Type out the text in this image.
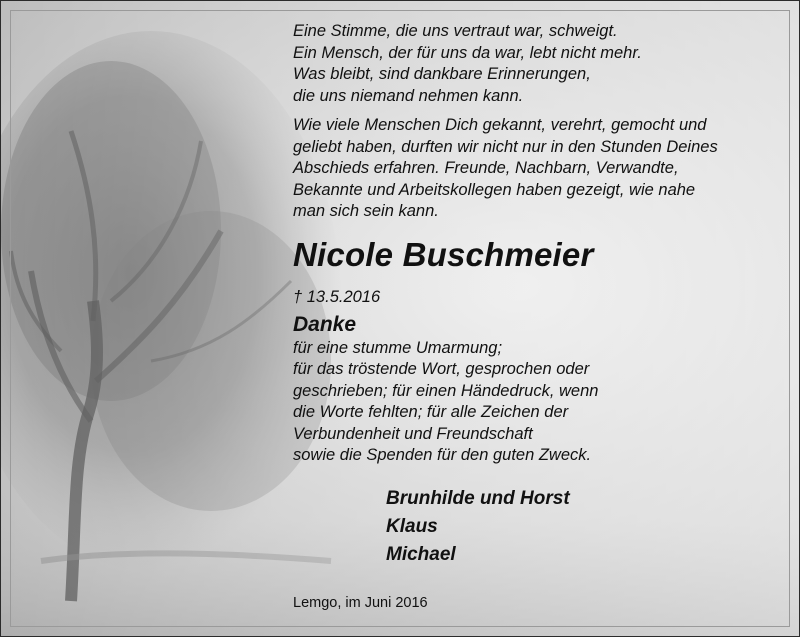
Eine Stimme, die uns vertraut war, schweigt.
Ein Mensch, der für uns da war, lebt nicht mehr.
Was bleibt, sind dankbare Erinnerungen,
die uns niemand nehmen kann.

Wie viele Menschen Dich gekannt, verehrt, gemocht und
geliebt haben, durften wir nicht nur in den Stunden Deines
Abschieds erfahren. Freunde, Nachbarn, Verwandte,
Bekannte und Arbeitskollegen haben gezeigt, wie nahe
man sich sein kann.

Nicole Buschmeier
† 13.5.2016
Danke
für eine stumme Umarmung;
für das tröstende Wort, gesprochen oder
geschrieben; für einen Händedruck, wenn
die Worte fehlten; für alle Zeichen der
Verbundenheit und Freundschaft
sowie die Spenden für den guten Zweck.
Brunhilde und Horst
Klaus
Michael
Lemgo, im Juni 2016
